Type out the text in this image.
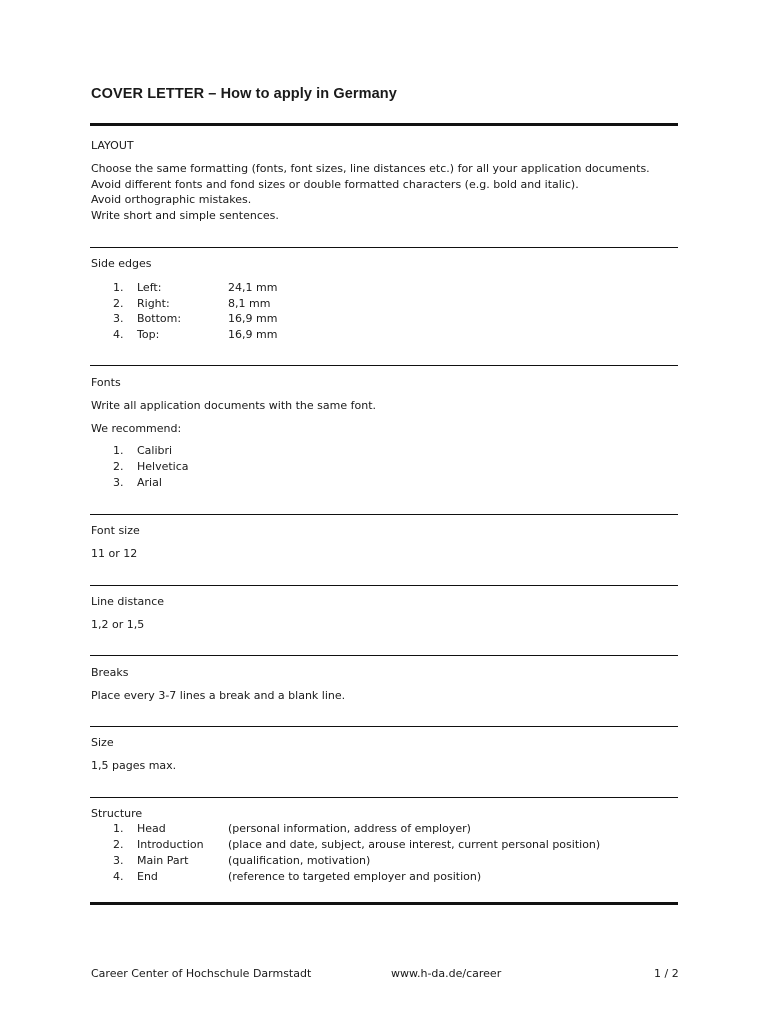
COVER LETTER – How to apply in Germany
LAYOUT
Choose the same formatting (fonts, font sizes, line distances etc.) for all your application documents.
Avoid different fonts and fond sizes or double formatted characters (e.g. bold and italic).
Avoid orthographic mistakes.
Write short and simple sentences.
Side edges
1. Left:	24,1 mm
2. Right:	8,1 mm
3. Bottom:	16,9 mm
4. Top:	16,9 mm
Fonts
Write all application documents with the same font.
We recommend:
1. Calibri
2. Helvetica
3. Arial
Font size
11 or 12
Line distance
1,2 or 1,5
Breaks
Place every 3-7 lines a break and a blank line.
Size
1,5 pages max.
Structure
1. Head	(personal information, address of employer)
2. Introduction (place and date, subject, arouse interest, current personal position)
3. Main Part	(qualification, motivation)
4. End	(reference to targeted employer and position)
Career Center of Hochschule Darmstadt	www.h-da.de/career	1 / 2
